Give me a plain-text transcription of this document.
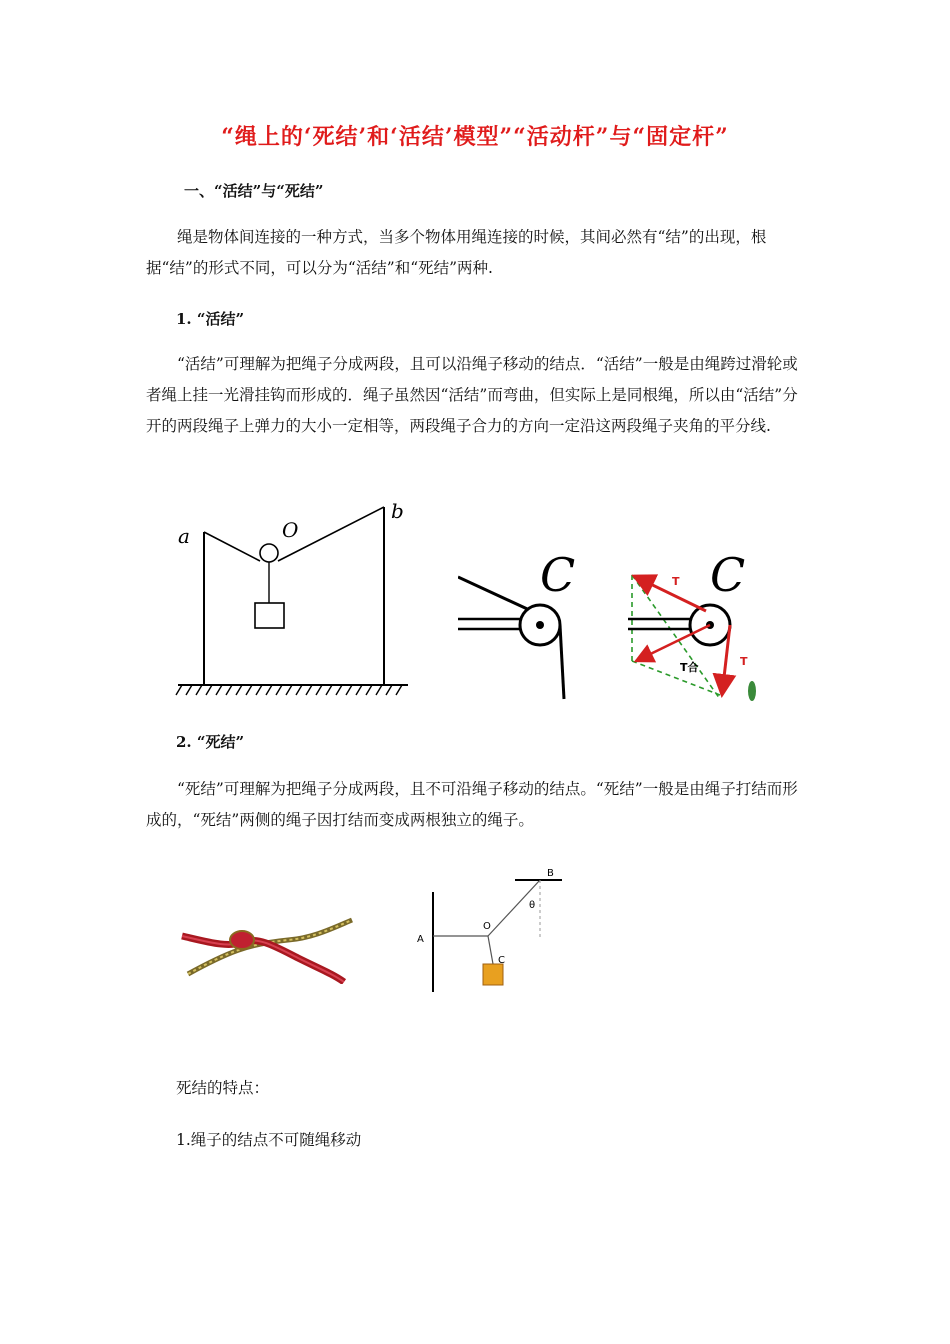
“绳上的‘死结’和‘活结’模型”“活动杆”与“固定杆”
一、“活结”与“死结”
绳是物体间连接的一种方式，当多个物体用绳连接的时候，其间必然有“结”的出现，根据“结”的形式不同，可以分为“活结”和“死结”两种.
1. “活结”
“活结”可理解为把绳子分成两段，且可以沿绳子移动的结点．“活结”一般是由绳跨过滑轮或者绳上挂一光滑挂钩而形成的．绳子虽然因“活结”而弯曲，但实际上是同根绳，所以由“活结”分开的两段绳子上弹力的大小一定相等，两段绳子合力的方向一定沿这两段绳子夹角的平分线.
a
b
O
C	C
T
T
T合
2. “死结”
“死结”可理解为把绳子分成两段，且不可沿绳子移动的结点。“死结”一般是由绳子打结而形成的，“死结”两侧的绳子因打结而变成两根独立的绳子。
A
B
O
C
θ
死结的特点：
1.绳子的结点不可随绳移动
